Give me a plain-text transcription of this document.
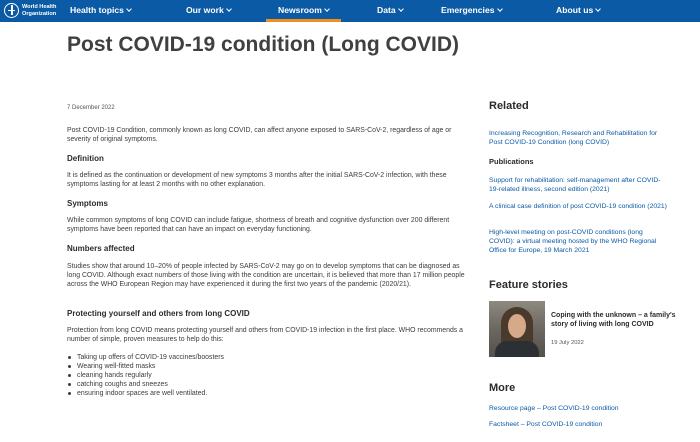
World Health
Organization Health topics	Our work	Newsroom	Data	Emergencies	About us
Post COVID-19 condition (Long COVID)
7 December 2022

Post COVID-19 Condition, commonly known as long COVID, can affect anyone exposed to SARS-CoV-2, regardless of age or severity of original symptoms.

Definition

It is defined as the continuation or development of new symptoms 3 months after the initial SARS-CoV-2 infection, with these symptoms lasting for at least 2 months with no other explanation.

Symptoms

While common symptoms of long COVID can include fatigue, shortness of breath and cognitive dysfunction over 200 different symptoms have been reported that can have an impact on everyday functioning.

Numbers affected

Studies show that around 10–20% of people infected by SARS-CoV-2 may go on to develop symptoms that can be diagnosed as long COVID. Although exact numbers of those living with the condition are uncertain, it is believed that more than 17 million people across the WHO European Region may have experienced it during the first two years of the pandemic (2020/21).

Protecting yourself and others from long COVID

Protection from long COVID means protecting yourself and others from COVID-19 infection in the first place. WHO recommends a number of simple, proven measures to help do this:

Taking up offers of COVID-19 vaccines/boosters
Wearing well-fitted masks
cleaning hands regularly
catching coughs and sneezes
ensuring indoor spaces are well ventilated.
Related
Increasing Recognition, Research and Rehabilitation for Post COVID-19 Condition (long COVID)
Publications
Support for rehabilitation: self-management after COVID-19-related illness, second edition (2021)
A clinical case definition of post COVID-19 condition (2021)
High-level meeting on post-COVID conditions (long COVID): a virtual meeting hosted by the WHO Regional Office for Europe, 19 March 2021
Feature stories
Coping with the unknown – a family's story of living with long COVID
19 July 2022
More
Resource page – Post COVID-19 condition
Factsheet – Post COVID-19 condition
